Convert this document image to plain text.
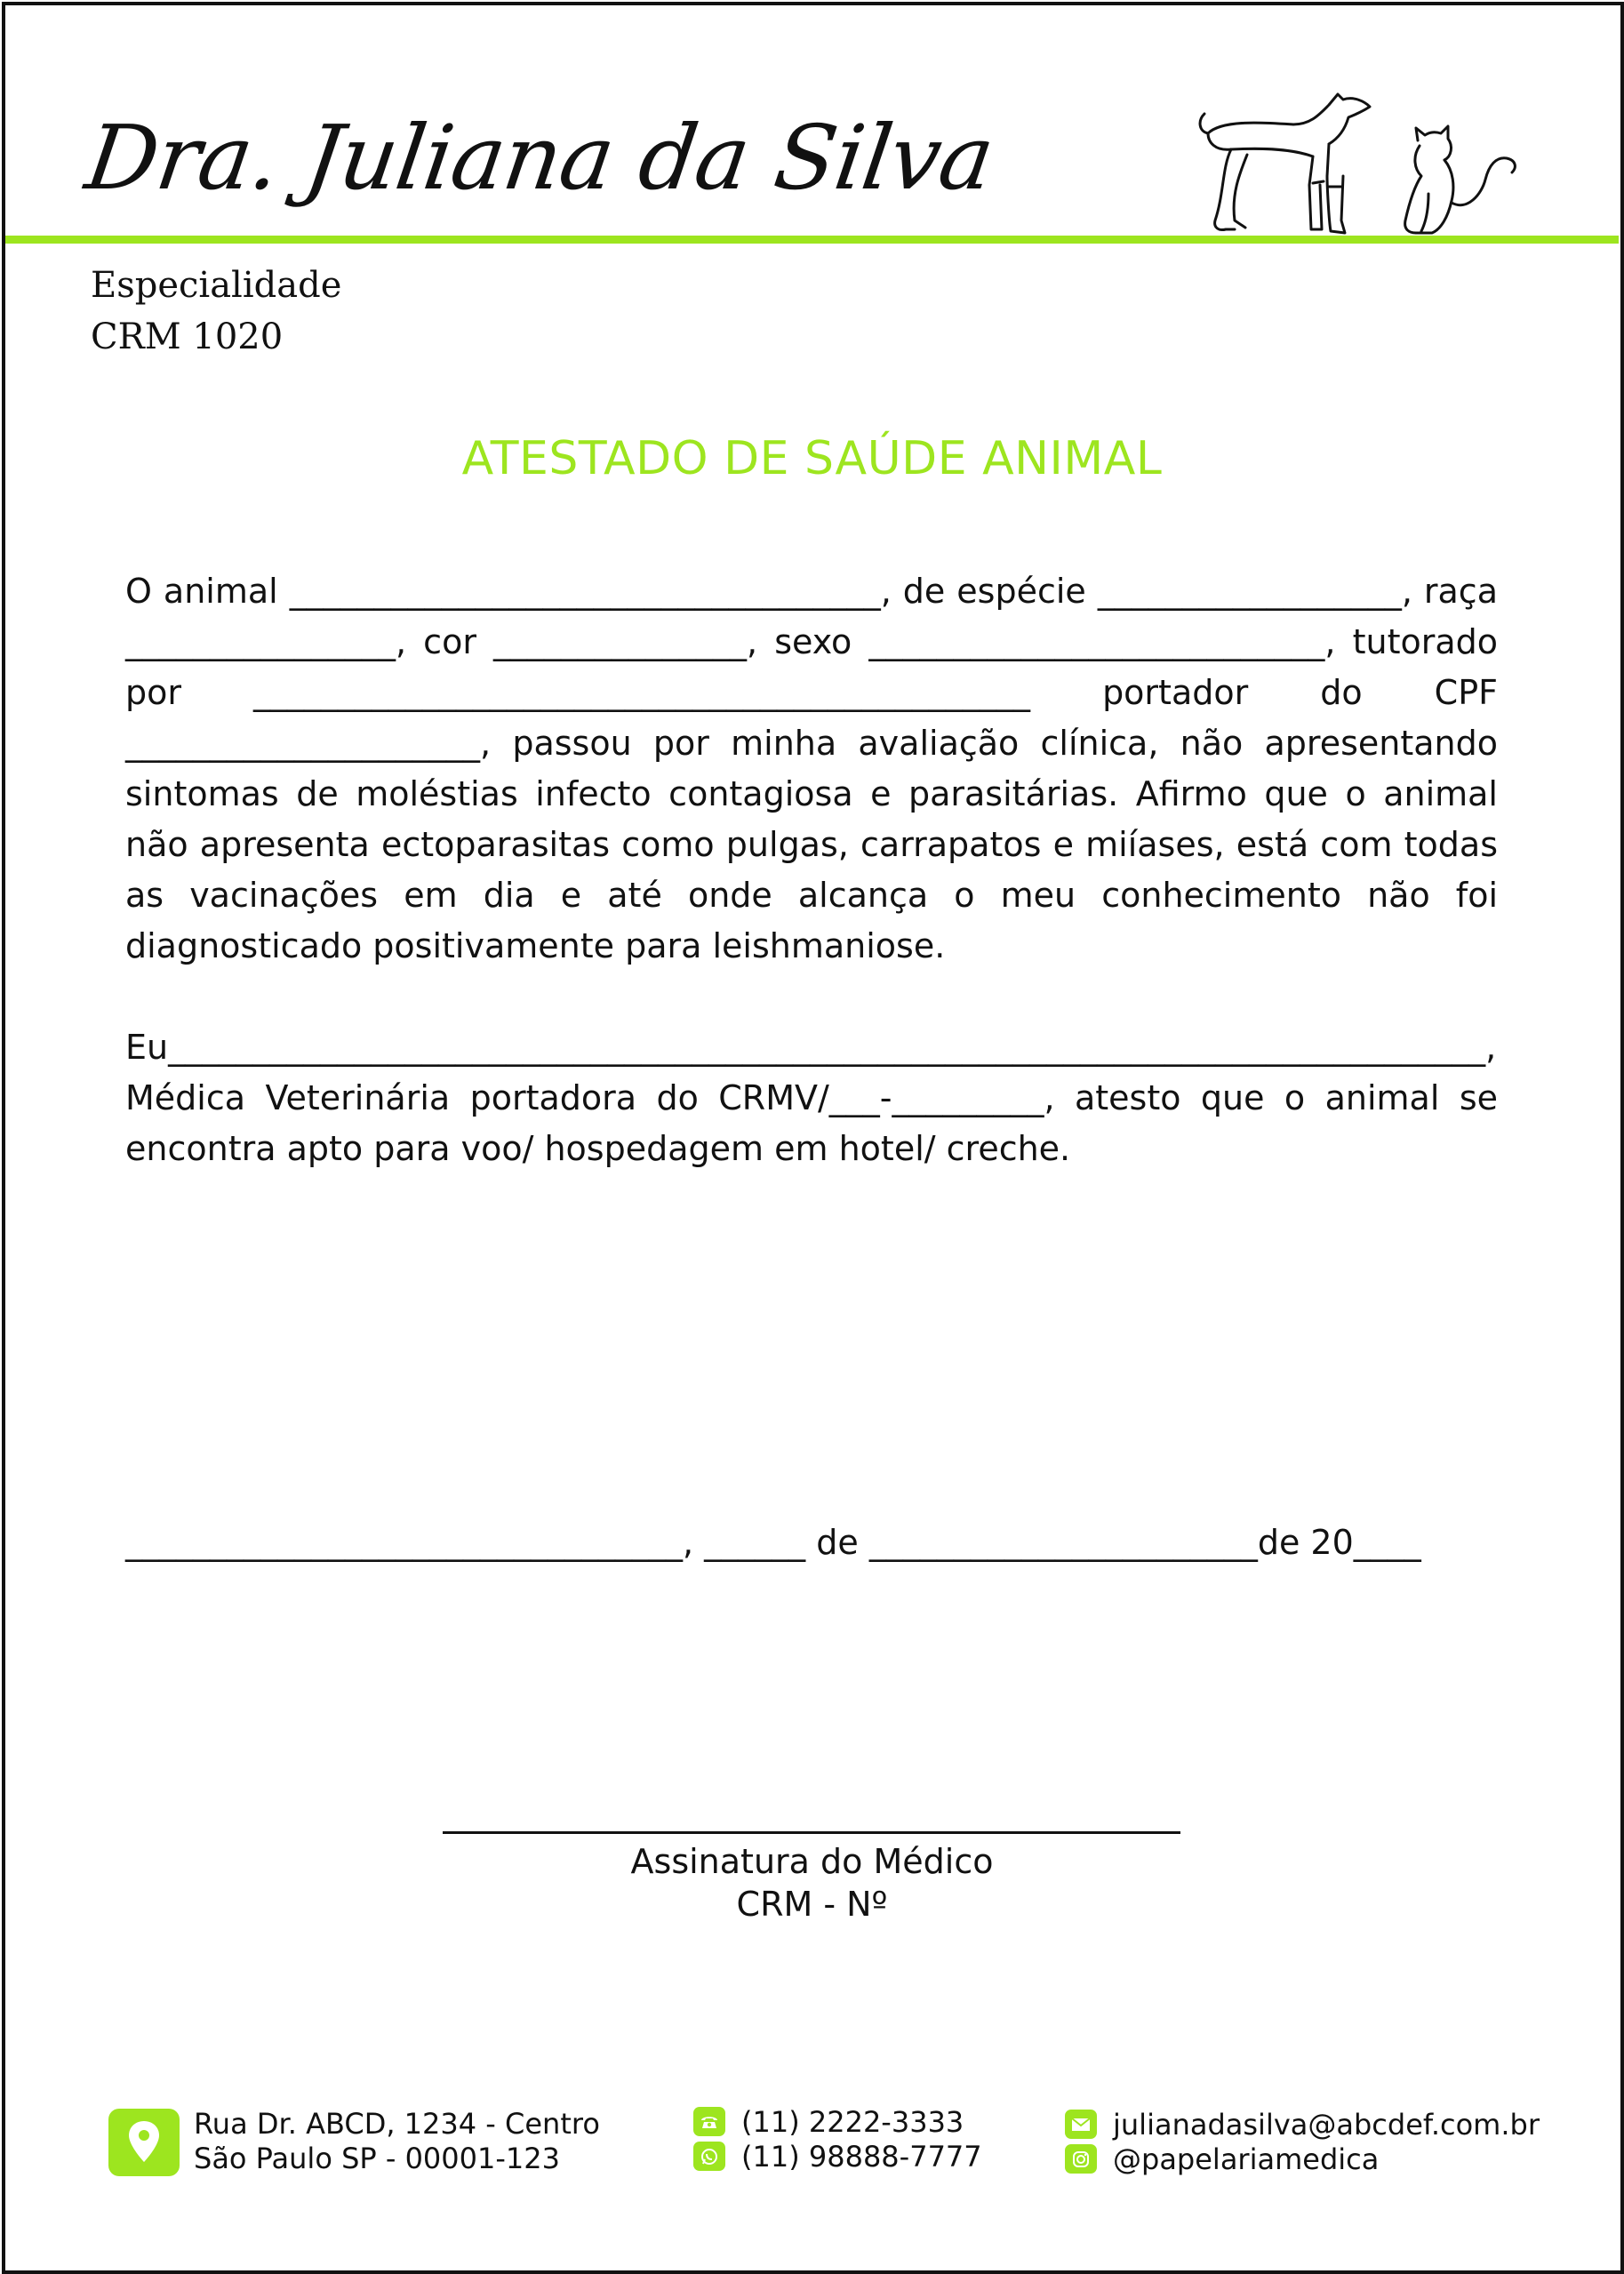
Dra. Juliana da Silva
Especialidade
CRM 1020
ATESTADO DE SAÚDE ANIMAL
O animal ___________________________________, de espécie __________________, raça ________________, cor _______________, sexo ___________________________, tutorado por ______________________________________________ portador do CPF _____________________, passou por minha avaliação clínica, não apresentando sintomas de moléstias infecto contagiosa e parasitárias. Afirmo que o animal não apresenta ectoparasitas como pulgas, carrapatos e miíases, está com todas as vacinações em dia e até onde alcança o meu conhecimento não foi diagnosticado positivamente para leishmaniose.
Eu______________________________________________________________________________, Médica Veterinária portadora do CRMV/___-_________, atesto que o animal se encontra apto para voo/ hospedagem em hotel/ creche.
_________________________________, ______ de _______________________de 20____
Assinatura do Médico
CRM - Nº
Rua Dr. ABCD, 1234 - Centro
São Paulo SP - 00001-123
(11) 2222-3333
(11) 98888-7777
julianadasilva@abcdef.com.br
@papelariamedica
